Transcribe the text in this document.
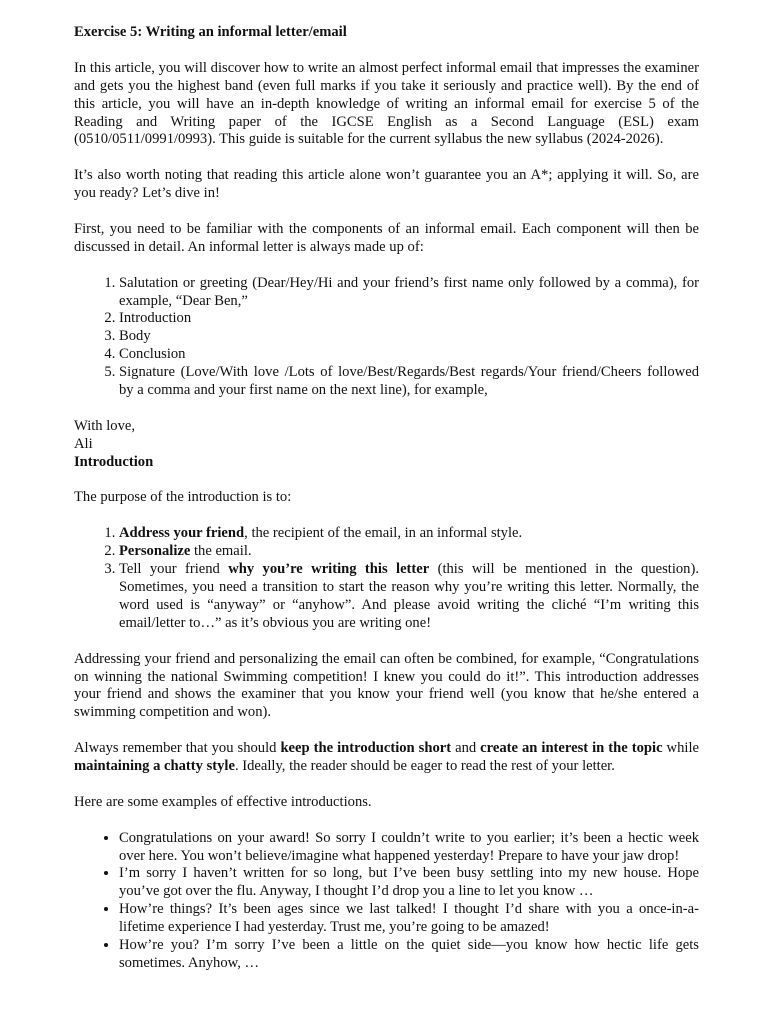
Exercise 5: Writing an informal letter/email

In this article, you will discover how to write an almost perfect informal email that impresses the examiner and gets you the highest band (even full marks if you take it seriously and practice well). By the end of this article, you will have an in-depth knowledge of writing an informal email for exercise 5 of the Reading and Writing paper of the IGCSE English as a Second Language (ESL) exam (0510/0511/0991/0993). This guide is suitable for the current syllabus the new syllabus (2024-2026).

It’s also worth noting that reading this article alone won’t guarantee you an A*; applying it will. So, are you ready? Let’s dive in!

First, you need to be familiar with the components of an informal email. Each component will then be discussed in detail. An informal letter is always made up of:

1. Salutation or greeting (Dear/Hey/Hi and your friend’s first name only followed by a comma), for example, “Dear Ben,”
2. Introduction
3. Body
4. Conclusion
5. Signature (Love/With love /Lots of love/Best/Regards/Best regards/Your friend/Cheers followed by a comma and your first name on the next line), for example,

With love,

Ali

Introduction

The purpose of the introduction is to:

1. Address your friend, the recipient of the email, in an informal style.
2. Personalize the email.
3. Tell your friend why you’re writing this letter (this will be mentioned in the question). Sometimes, you need a transition to start the reason why you’re writing this letter. Normally, the word used is “anyway” or “anyhow”. And please avoid writing the cliché “I’m writing this email/letter to…” as it’s obvious you are writing one!

Addressing your friend and personalizing the email can often be combined, for example, “Congratulations on winning the national Swimming competition! I knew you could do it!”. This introduction addresses your friend and shows the examiner that you know your friend well (you know that he/she entered a swimming competition and won).

Always remember that you should keep the introduction short and create an interest in the topic while maintaining a chatty style. Ideally, the reader should be eager to read the rest of your letter.

Here are some examples of effective introductions.

• Congratulations on your award! So sorry I couldn’t write to you earlier; it’s been a hectic week over here. You won’t believe/imagine what happened yesterday! Prepare to have your jaw drop!
• I’m sorry I haven’t written for so long, but I’ve been busy settling into my new house. Hope you’ve got over the flu. Anyway, I thought I’d drop you a line to let you know …
• How’re things? It’s been ages since we last talked! I thought I’d share with you a once-in-a-lifetime experience I had yesterday. Trust me, you’re going to be amazed!
• How’re you? I’m sorry I’ve been a little on the quiet side—you know how hectic life gets sometimes. Anyhow, …
